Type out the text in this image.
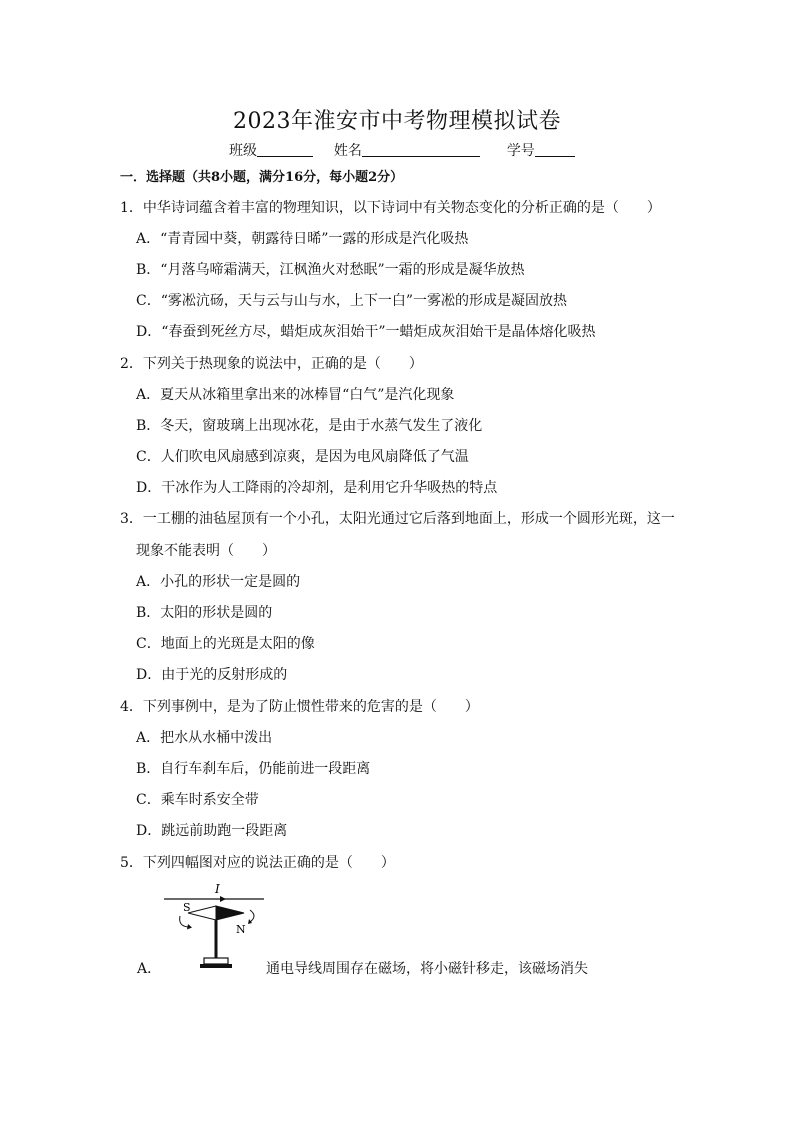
2023年淮安市中考物理模拟试卷
班级	姓名	学号
一．选择题（共8小题，满分16分，每小题2分）
1．中华诗词蕴含着丰富的物理知识，以下诗词中有关物态变化的分析正确的是（　　）
A．“青青园中葵，朝露待日晞”一露的形成是汽化吸热
B．“月落乌啼霜满天，江枫渔火对愁眠”一霜的形成是凝华放热
C．“雾凇沆砀，天与云与山与水，上下一白”一雾凇的形成是凝固放热
D．“春蚕到死丝方尽，蜡炬成灰泪始干”一蜡炬成灰泪始干是晶体熔化吸热
2．下列关于热现象的说法中，正确的是（　　）
A．夏天从冰箱里拿出来的冰棒冒“白气”是汽化现象
B．冬天，窗玻璃上出现冰花，是由于水蒸气发生了液化
C．人们吹电风扇感到凉爽，是因为电风扇降低了气温
D．干冰作为人工降雨的冷却剂，是利用它升华吸热的特点
3．一工棚的油毡屋顶有一个小孔，太阳光通过它后落到地面上，形成一个圆形光斑，这一
现象不能表明（　　）
A．小孔的形状一定是圆的
B．太阳的形状是圆的
C．地面上的光斑是太阳的像
D．由于光的反射形成的
4．下列事例中，是为了防止惯性带来的危害的是（　　）
A．把水从水桶中泼出
B．自行车刹车后，仍能前进一段距离
C．乘车时系安全带
D．跳远前助跑一段距离
5．下列四幅图对应的说法正确的是（　　）
I
S
N
A．	通电导线周围存在磁场，将小磁针移走，该磁场消失
